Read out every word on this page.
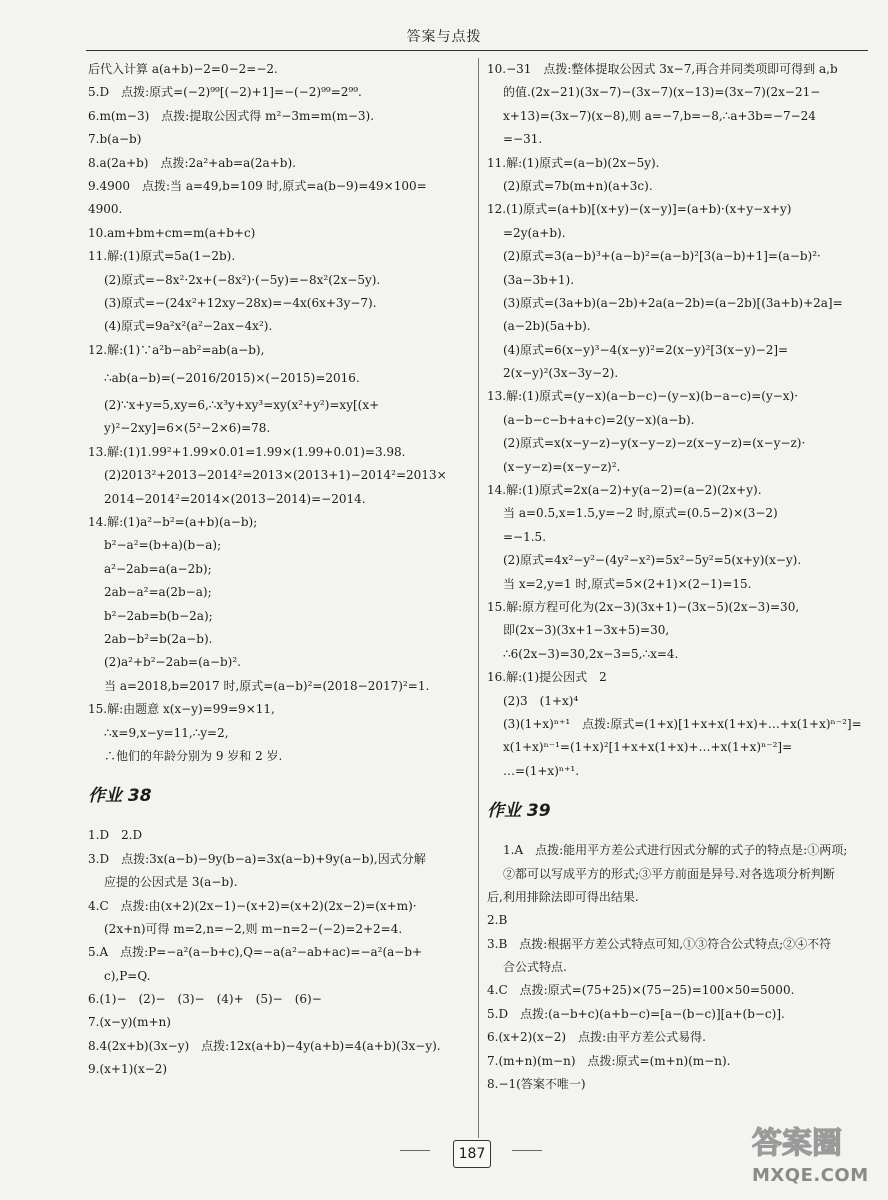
答案与点拨
后代入计算 a(a+b)−2=0−2=−2.
5.D　点拨:原式=(−2)⁹⁹[(−2)+1]=−(−2)⁹⁹=2⁹⁹.
6.m(m−3)　点拨:提取公因式得 m²−3m=m(m−3).
7.b(a−b)
8.a(2a+b)　点拨:2a²+ab=a(2a+b).
9.4900　点拨:当 a=49,b=109 时,原式=a(b−9)=49×100=
4900.
10.am+bm+cm=m(a+b+c)
11.解:(1)原式=5a(1−2b).
(2)原式=−8x²·2x+(−8x²)·(−5y)=−8x²(2x−5y).
(3)原式=−(24x²+12xy−28x)=−4x(6x+3y−7).
(4)原式=9a²x²(a²−2ax−4x²).
12.解:(1)∵a²b−ab²=ab(a−b),
∴ab(a−b)=(−2016/2015)×(−2015)=2016.
(2)∵x+y=5,xy=6,∴x³y+xy³=xy(x²+y²)=xy[(x+
y)²−2xy]=6×(5²−2×6)=78.
13.解:(1)1.99²+1.99×0.01=1.99×(1.99+0.01)=3.98.
(2)2013²+2013−2014²=2013×(2013+1)−2014²=2013×
2014−2014²=2014×(2013−2014)=−2014.
14.解:(1)a²−b²=(a+b)(a−b);
b²−a²=(b+a)(b−a);
a²−2ab=a(a−2b);
2ab−a²=a(2b−a);
b²−2ab=b(b−2a);
2ab−b²=b(2a−b).
(2)a²+b²−2ab=(a−b)².
当 a=2018,b=2017 时,原式=(a−b)²=(2018−2017)²=1.
15.解:由题意 x(x−y)=99=9×11,
∴x=9,x−y=11,∴y=2,
∴他们的年龄分别为 9 岁和 2 岁.
作业 38
1.D　2.D
3.D　点拨:3x(a−b)−9y(b−a)=3x(a−b)+9y(a−b),因式分解
应提的公因式是 3(a−b).
4.C　点拨:由(x+2)(2x−1)−(x+2)=(x+2)(2x−2)=(x+m)·
(2x+n)可得 m=2,n=−2,则 m−n=2−(−2)=2+2=4.
5.A　点拨:P=−a²(a−b+c),Q=−a(a²−ab+ac)=−a²(a−b+
c),P=Q.
6.(1)−　(2)−　(3)−　(4)+　(5)−　(6)−
7.(x−y)(m+n)
8.4(2x+b)(3x−y)　点拨:12x(a+b)−4y(a+b)=4(a+b)(3x−y).
9.(x+1)(x−2)
10.−31　点拨:整体提取公因式 3x−7,再合并同类项即可得到 a,b
的值.(2x−21)(3x−7)−(3x−7)(x−13)=(3x−7)(2x−21−
x+13)=(3x−7)(x−8),则 a=−7,b=−8,∴a+3b=−7−24
=−31.
11.解:(1)原式=(a−b)(2x−5y).
(2)原式=7b(m+n)(a+3c).
12.(1)原式=(a+b)[(x+y)−(x−y)]=(a+b)·(x+y−x+y)
=2y(a+b).
(2)原式=3(a−b)³+(a−b)²=(a−b)²[3(a−b)+1]=(a−b)²·
(3a−3b+1).
(3)原式=(3a+b)(a−2b)+2a(a−2b)=(a−2b)[(3a+b)+2a]=
(a−2b)(5a+b).
(4)原式=6(x−y)³−4(x−y)²=2(x−y)²[3(x−y)−2]=
2(x−y)²(3x−3y−2).
13.解:(1)原式=(y−x)(a−b−c)−(y−x)(b−a−c)=(y−x)·
(a−b−c−b+a+c)=2(y−x)(a−b).
(2)原式=x(x−y−z)−y(x−y−z)−z(x−y−z)=(x−y−z)·
(x−y−z)=(x−y−z)².
14.解:(1)原式=2x(a−2)+y(a−2)=(a−2)(2x+y).
当 a=0.5,x=1.5,y=−2 时,原式=(0.5−2)×(3−2)
=−1.5.
(2)原式=4x²−y²−(4y²−x²)=5x²−5y²=5(x+y)(x−y).
当 x=2,y=1 时,原式=5×(2+1)×(2−1)=15.
15.解:原方程可化为(2x−3)(3x+1)−(3x−5)(2x−3)=30,
即(2x−3)(3x+1−3x+5)=30,
∴6(2x−3)=30,2x−3=5,∴x=4.
16.解:(1)提公因式　2
(2)3　(1+x)⁴
(3)(1+x)ⁿ⁺¹　点拨:原式=(1+x)[1+x+x(1+x)+…+x(1+x)ⁿ⁻²]=
x(1+x)ⁿ⁻¹=(1+x)²[1+x+x(1+x)+…+x(1+x)ⁿ⁻²]=
…=(1+x)ⁿ⁺¹.
作业 39
1.A　点拨:能用平方差公式进行因式分解的式子的特点是:①两项;
②都可以写成平方的形式;③平方前面是异号.对各选项分析判断
后,利用排除法即可得出结果.
2.B
3.B　点拨:根据平方差公式特点可知,①③符合公式特点;②④不符
合公式特点.
4.C　点拨:原式=(75+25)×(75−25)=100×50=5000.
5.D　点拨:(a−b+c)(a+b−c)=[a−(b−c)][a+(b−c)].
6.(x+2)(x−2)　点拨:由平方差公式易得.
7.(m+n)(m−n)　点拨:原式=(m+n)(m−n).
8.−1(答案不唯一)
187	答案圈
MXQE.COM
